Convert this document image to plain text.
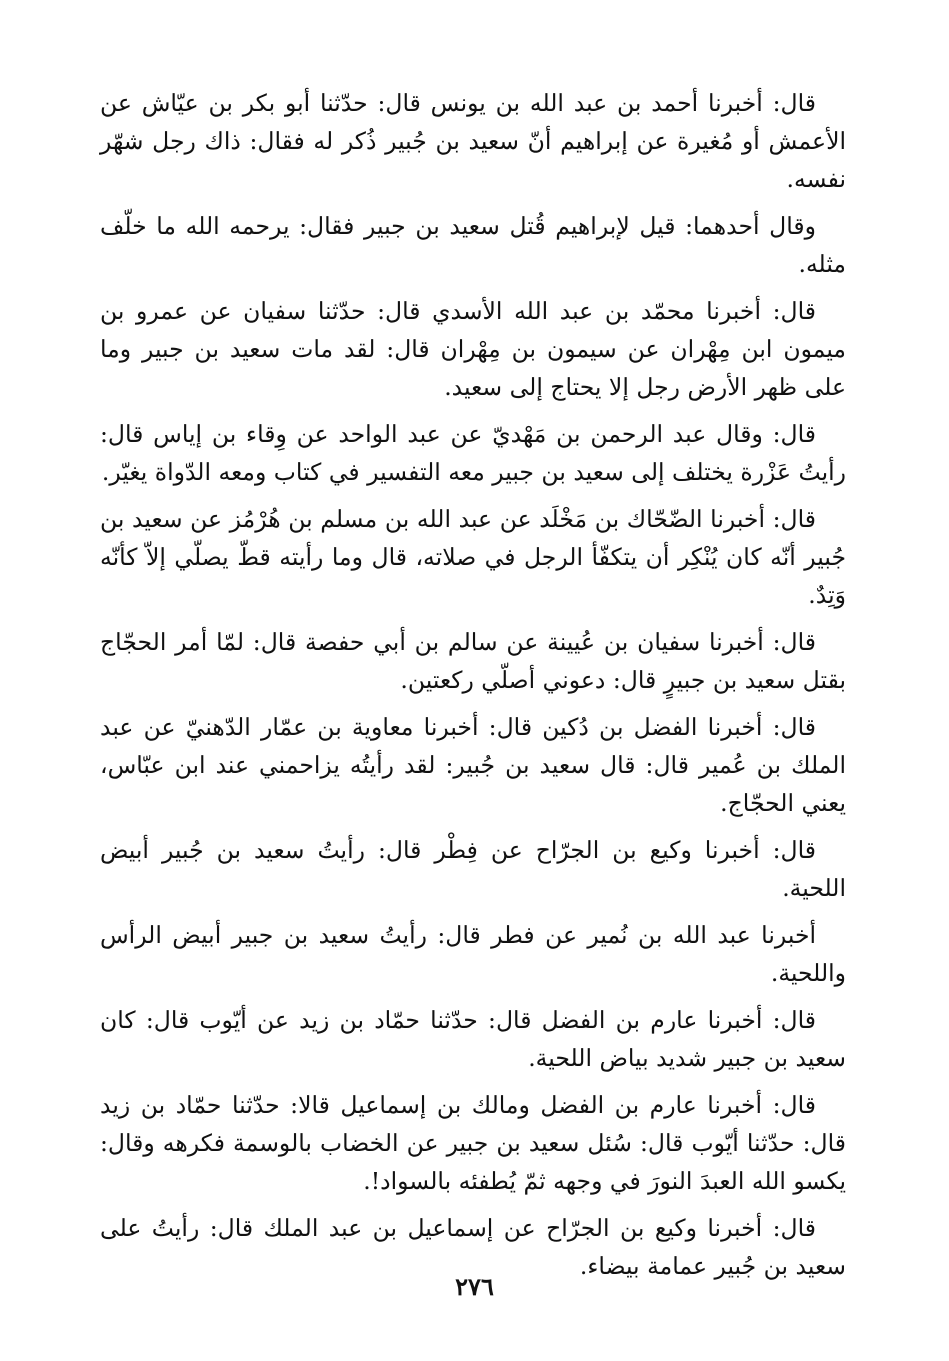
قال: أخبرنا أحمد بن عبد الله بن يونس قال: حدّثنا أبو بكر بن عيّاش عن الأعمش أو مُغيرة عن إبراهيم أنّ سعيد بن جُبير ذُكر له فقال: ذاك رجل شهّر نفسه.

وقال أحدهما: قيل لإبراهيم قُتل سعيد بن جبير فقال: يرحمه الله ما خلّف مثله.

قال: أخبرنا محمّد بن عبد الله الأسدي قال: حدّثنا سفيان عن عمرو بن ميمون ابن مِهْران عن سيمون بن مِهْران قال: لقد مات سعيد بن جبير وما على ظهر الأرض رجل إلا يحتاج إلى سعيد.

قال: وقال عبد الرحمن بن مَهْديّ عن عبد الواحد عن وِقاء بن إياس قال: رأيتُ عَزْرة يختلف إلى سعيد بن جبير معه التفسير في كتاب ومعه الدّواة يغيّر.

قال: أخبرنا الضّحّاك بن مَخْلَد عن عبد الله بن مسلم بن هُرْمُز عن سعيد بن جُبير أنّه كان يُنْكِر أن يتكفّأ الرجل في صلاته، قال وما رأيته قطّ يصلّي إلاّ كأنّه وَتِدٌ.

قال: أخبرنا سفيان بن عُيينة عن سالم بن أبي حفصة قال: لمّا أمر الحجّاج بقتل سعيد بن جبيرٍ قال: دعوني أصلّي ركعتين.

قال: أخبرنا الفضل بن دُكين قال: أخبرنا معاوية بن عمّار الدّهنيّ عن عبد الملك بن عُمير قال: قال سعيد بن جُبير: لقد رأيتُه يزاحمني عند ابن عبّاس، يعني الحجّاج.

قال: أخبرنا وكيع بن الجرّاح عن فِطْر قال: رأيتُ سعيد بن جُبير أبيض اللحية.

أخبرنا عبد الله بن نُمير عن فطر قال: رأيتُ سعيد بن جبير أبيض الرأس واللحية.

قال: أخبرنا عارم بن الفضل قال: حدّثنا حمّاد بن زيد عن أيّوب قال: كان سعيد بن جبير شديد بياض اللحية.

قال: أخبرنا عارم بن الفضل ومالك بن إسماعيل قالا: حدّثنا حمّاد بن زيد قال: حدّثنا أيّوب قال: سُئل سعيد بن جبير عن الخضاب بالوسمة فكرهه وقال: يكسو الله العبدَ النورَ في وجهه ثمّ يُطفئه بالسواد!.

قال: أخبرنا وكيع بن الجرّاح عن إسماعيل بن عبد الملك قال: رأيتُ على سعيد بن جُبير عمامة بيضاء.

٢٧٦
